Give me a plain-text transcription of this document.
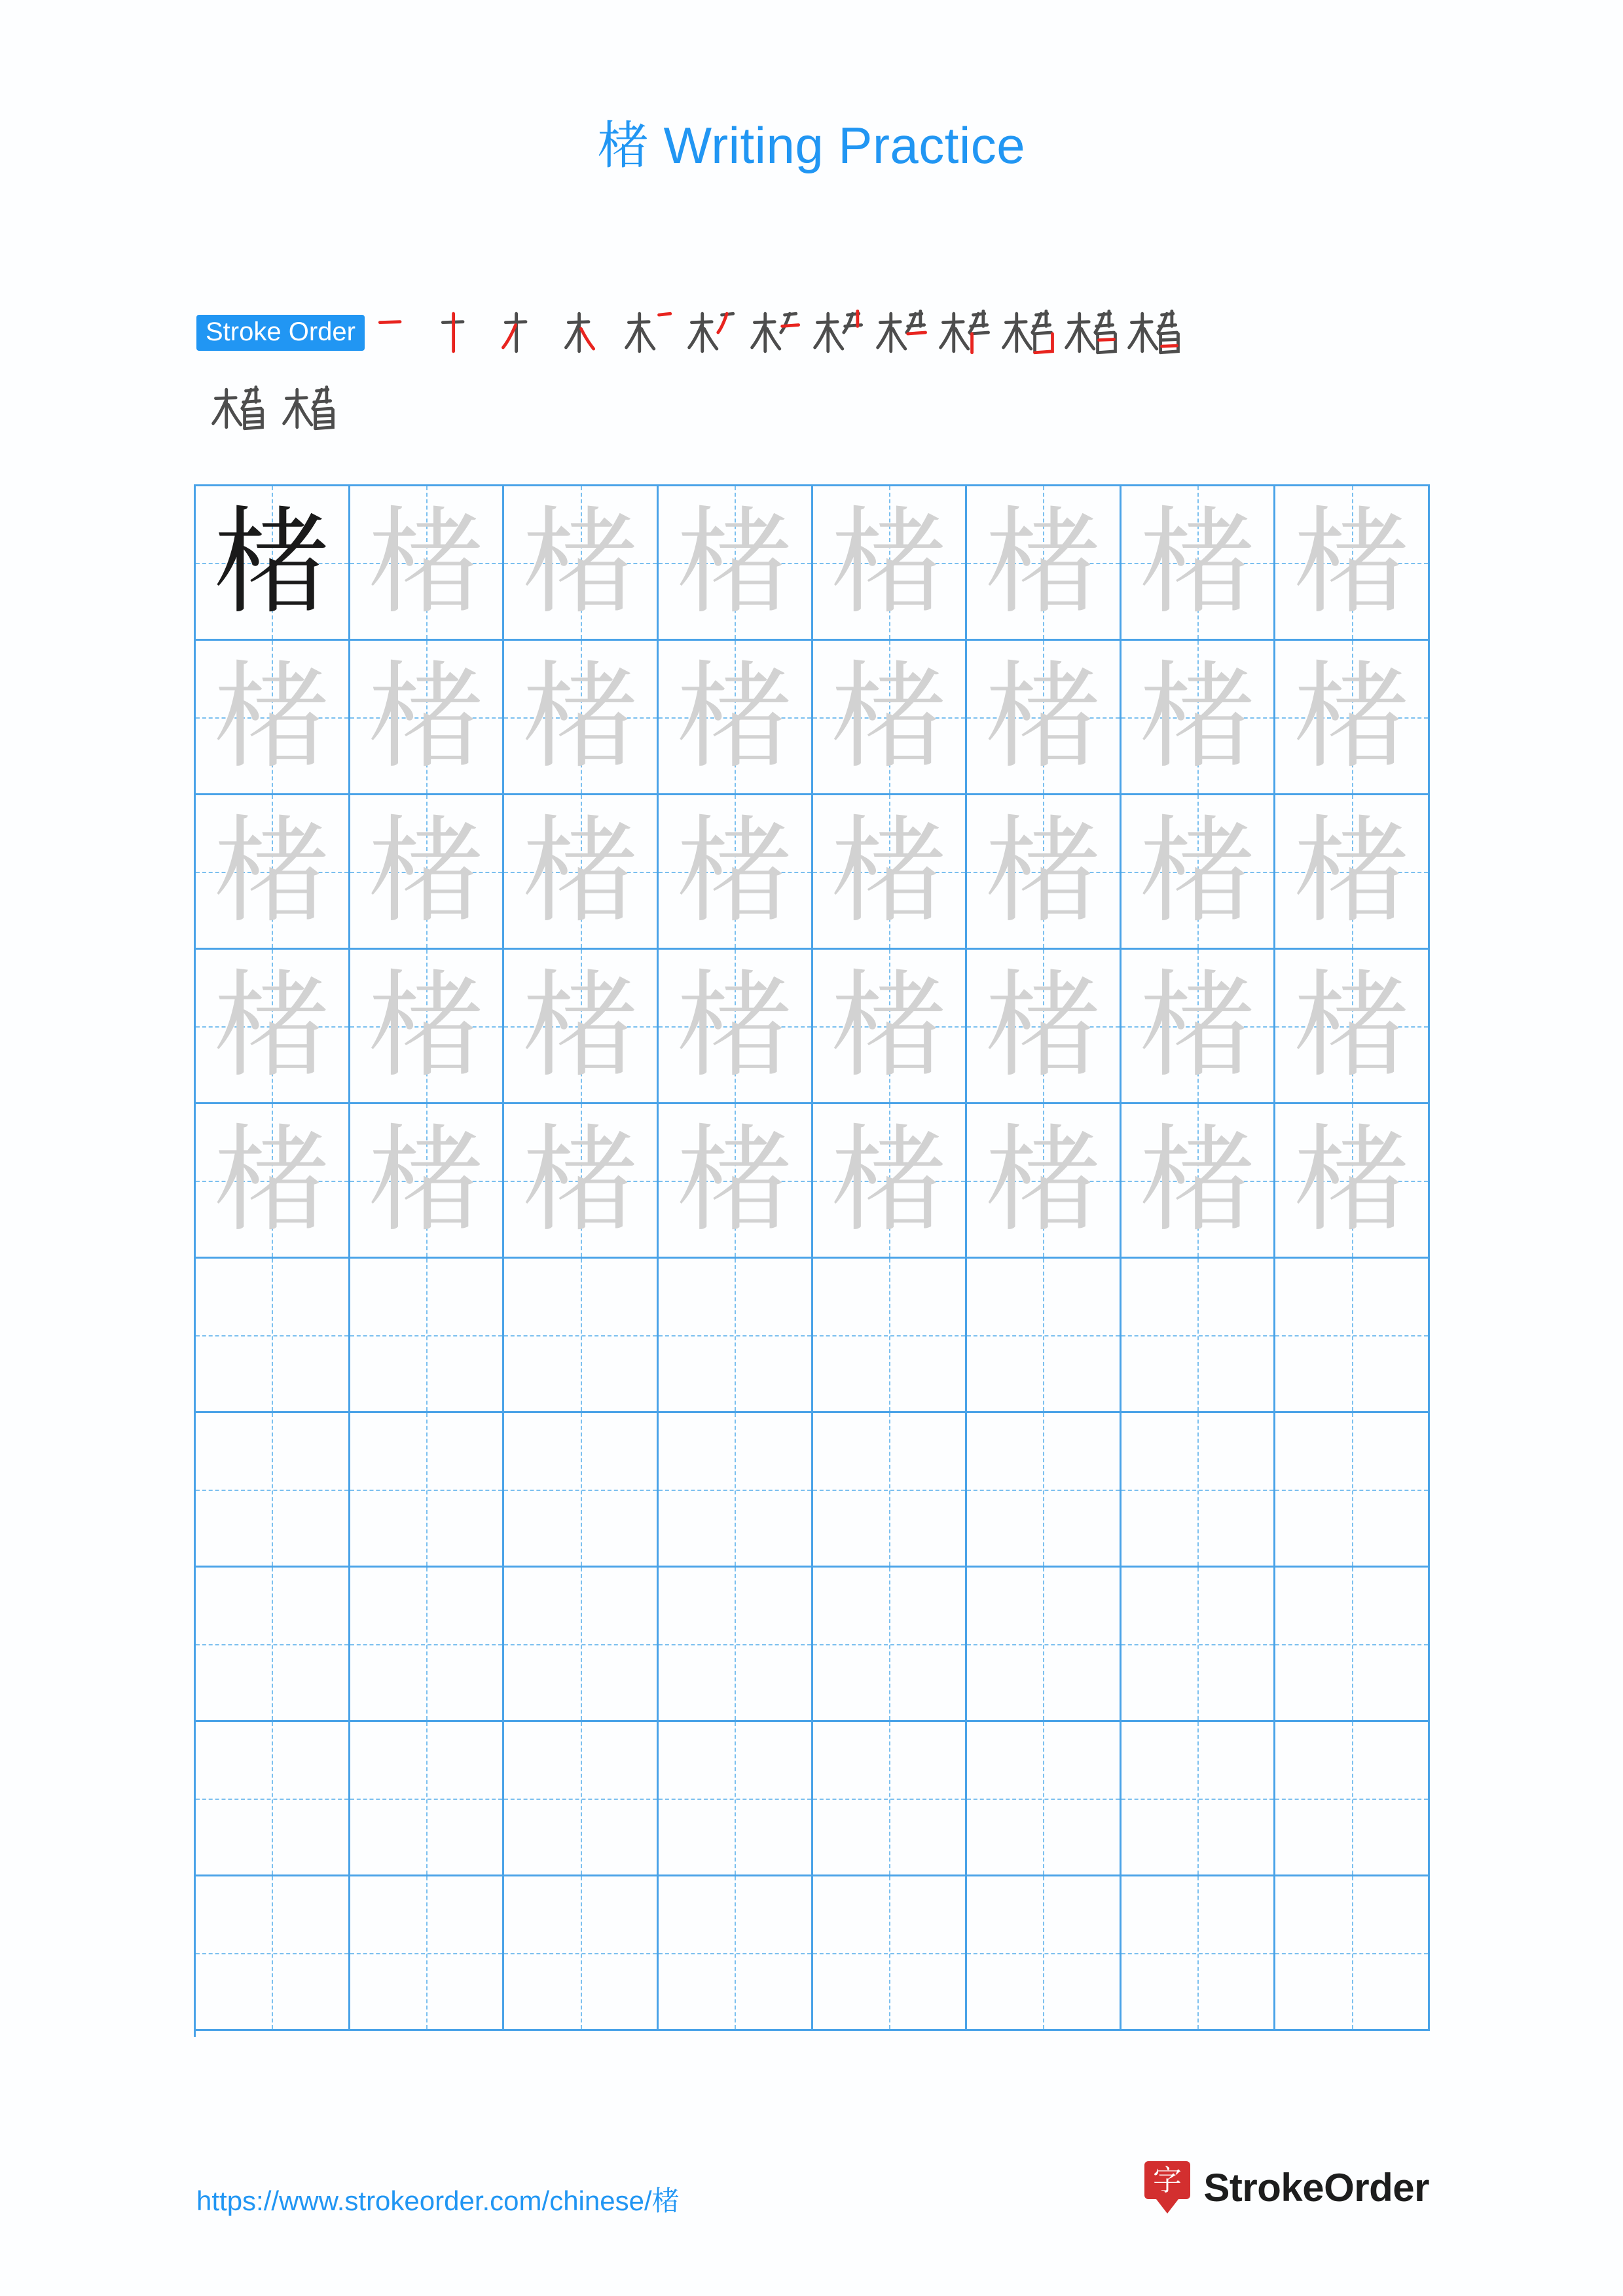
楮 Writing Practice
Stroke Order
楮 楮 楮 楮 楮 楮 楮 楮
楮 楮 楮 楮 楮 楮 楮 楮
楮 楮 楮 楮 楮 楮 楮 楮
楮 楮 楮 楮 楮 楮 楮 楮
楮 楮 楮 楮 楮 楮 楮 楮
https://www.strokeorder.com/chinese/楮
字 StrokeOrder
